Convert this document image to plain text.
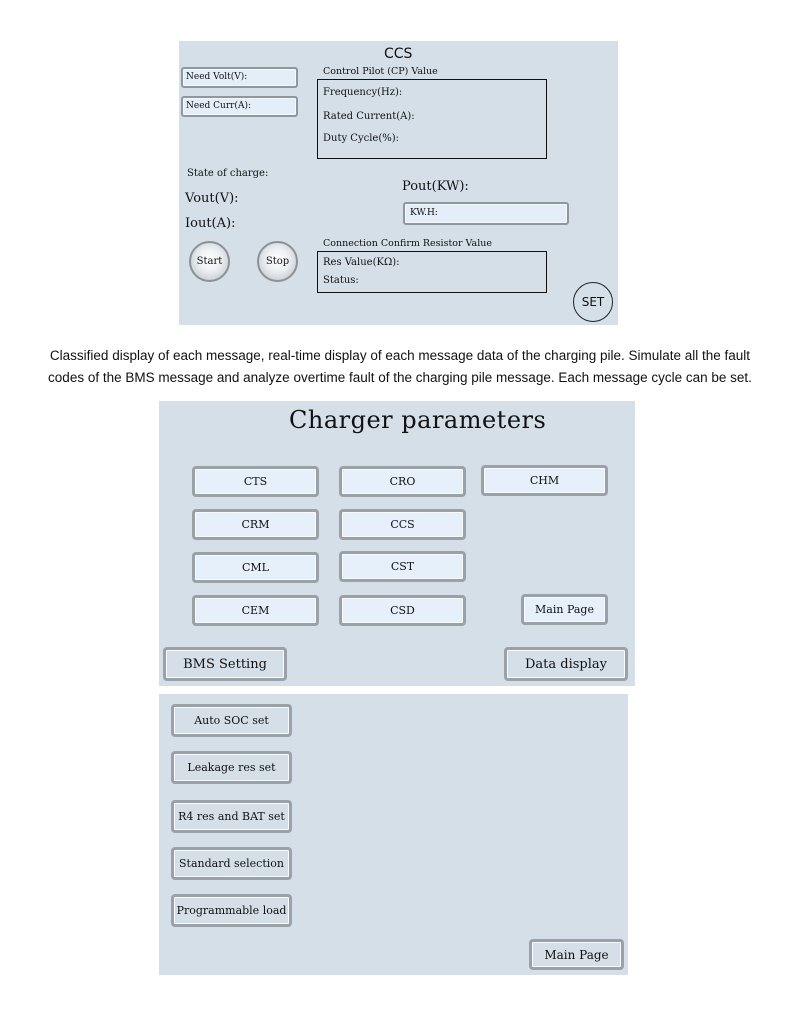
CCS
Need Volt(V):
Need Curr(A):
Control Pilot (CP) Value
Frequency(Hz):
Rated Current(A):
Duty Cycle(%):
State of charge:
Vout(V):
Iout(A):
Pout(KW):
KW.H:
Start	Stop
Connection Confirm Resistor Value
Res Value(KΩ):
Status:
SET
Classified display of each message, real-time display of each message data of the charging pile. Simulate all the fault
codes of the BMS message and analyze overtime fault of the charging pile message. Each message cycle can be set.
Charger parameters
CTS	CRO	CHM
CRM	CCS
CML	CST
CEM	CSD	Main Page
BMS Setting	Data display
Auto SOC set
Leakage res set
R4 res and BAT set
Standard selection
Programmable load
Main Page
